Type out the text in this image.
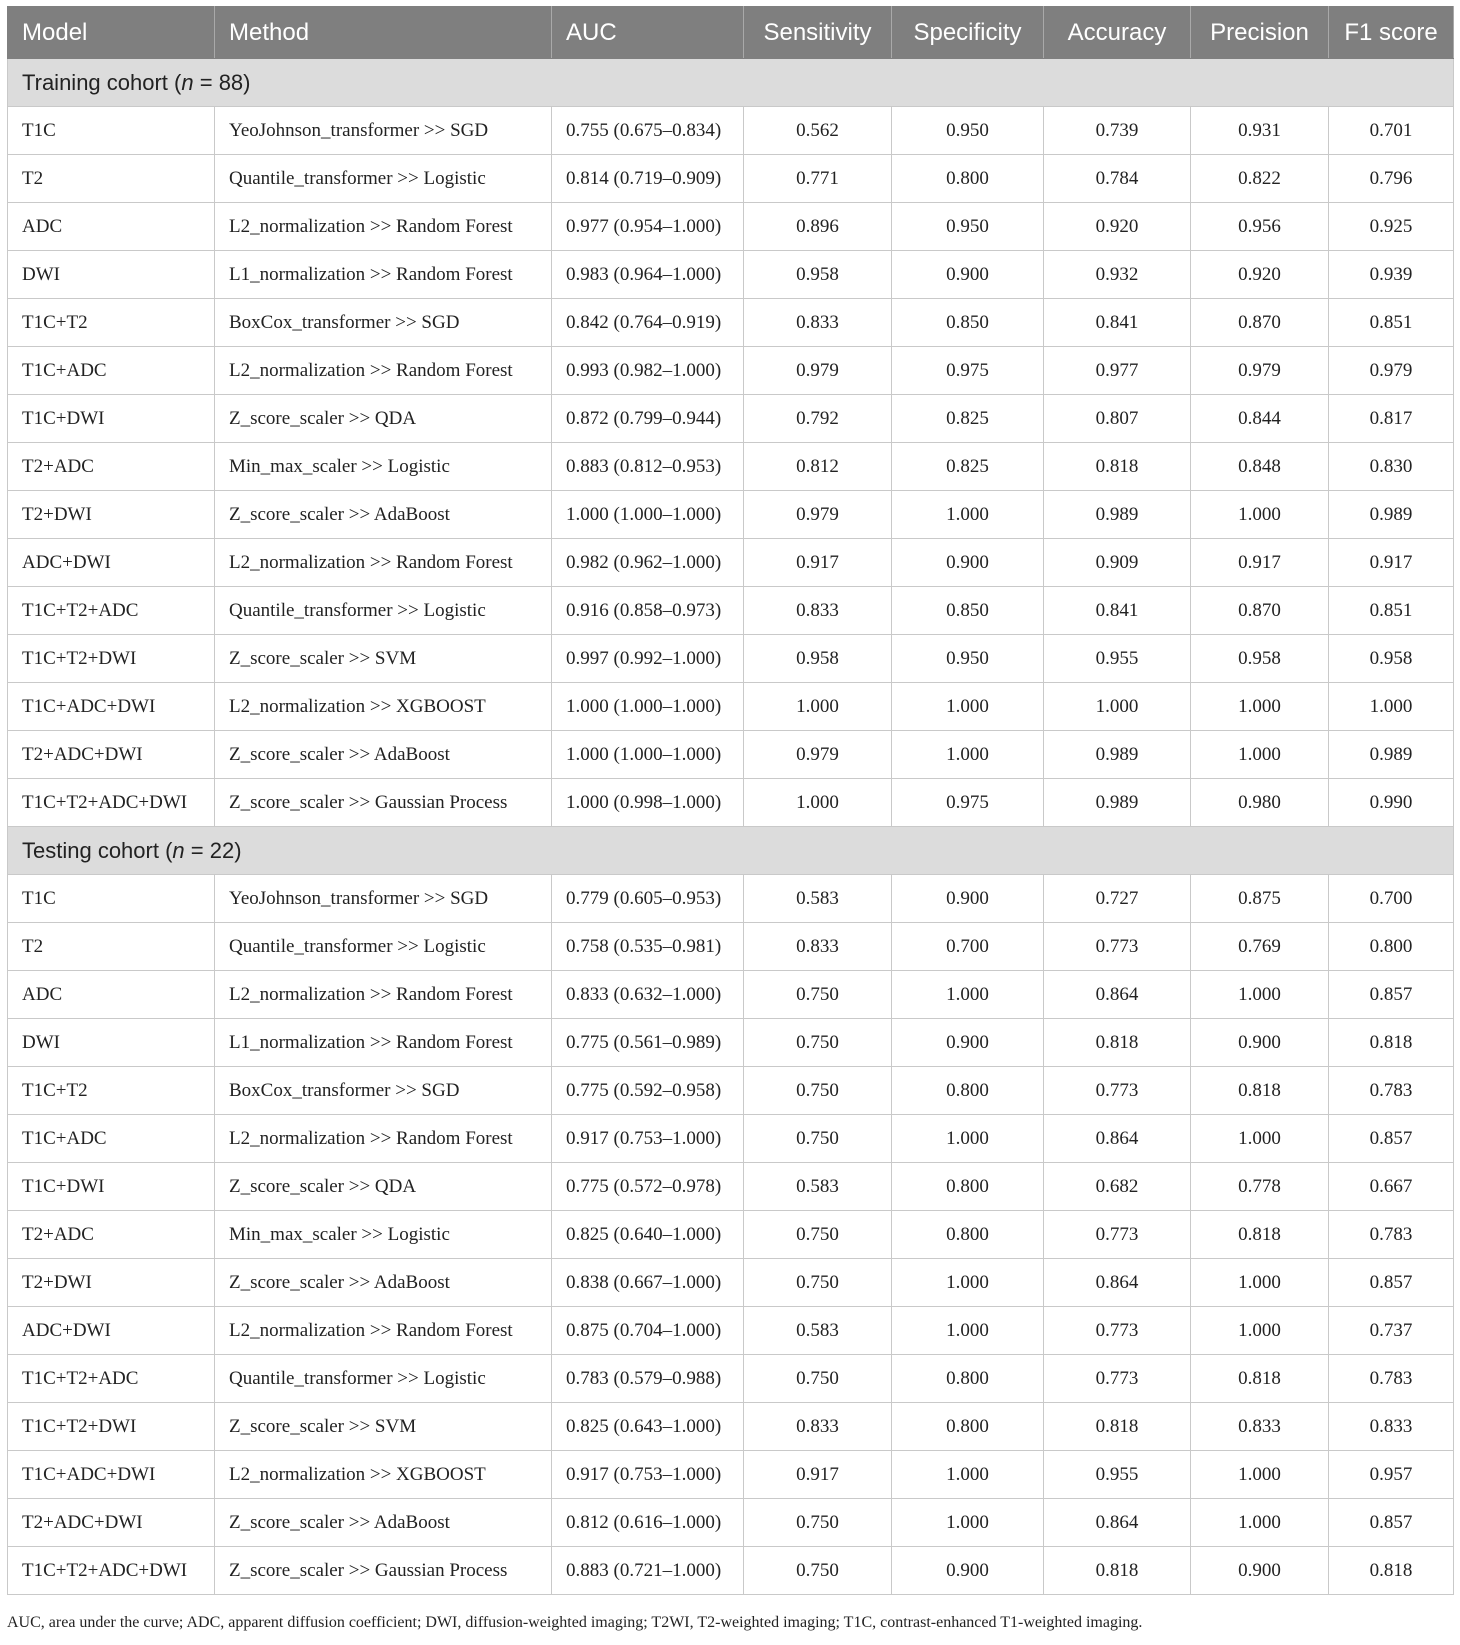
Model	Method	AUC	Sensitivity	Specificity	Accuracy	Precision	F1 score
Training cohort (n = 88)							
T1C	YeoJohnson_transformer >> SGD	0.755 (0.675–0.834)	0.562	0.950	0.739	0.931	0.701
T2	Quantile_transformer >> Logistic	0.814 (0.719–0.909)	0.771	0.800	0.784	0.822	0.796
ADC	L2_normalization >> Random Forest	0.977 (0.954–1.000)	0.896	0.950	0.920	0.956	0.925
DWI	L1_normalization >> Random Forest	0.983 (0.964–1.000)	0.958	0.900	0.932	0.920	0.939
T1C+T2	BoxCox_transformer >> SGD	0.842 (0.764–0.919)	0.833	0.850	0.841	0.870	0.851
T1C+ADC	L2_normalization >> Random Forest	0.993 (0.982–1.000)	0.979	0.975	0.977	0.979	0.979
T1C+DWI	Z_score_scaler >> QDA	0.872 (0.799–0.944)	0.792	0.825	0.807	0.844	0.817
T2+ADC	Min_max_scaler >> Logistic	0.883 (0.812–0.953)	0.812	0.825	0.818	0.848	0.830
T2+DWI	Z_score_scaler >> AdaBoost	1.000 (1.000–1.000)	0.979	1.000	0.989	1.000	0.989
ADC+DWI	L2_normalization >> Random Forest	0.982 (0.962–1.000)	0.917	0.900	0.909	0.917	0.917
T1C+T2+ADC	Quantile_transformer >> Logistic	0.916 (0.858–0.973)	0.833	0.850	0.841	0.870	0.851
T1C+T2+DWI	Z_score_scaler >> SVM	0.997 (0.992–1.000)	0.958	0.950	0.955	0.958	0.958
T1C+ADC+DWI	L2_normalization >> XGBOOST	1.000 (1.000–1.000)	1.000	1.000	1.000	1.000	1.000
T2+ADC+DWI	Z_score_scaler >> AdaBoost	1.000 (1.000–1.000)	0.979	1.000	0.989	1.000	0.989
T1C+T2+ADC+DWI	Z_score_scaler >> Gaussian Process	1.000 (0.998–1.000)	1.000	0.975	0.989	0.980	0.990
Testing cohort (n = 22)							
T1C	YeoJohnson_transformer >> SGD	0.779 (0.605–0.953)	0.583	0.900	0.727	0.875	0.700
T2	Quantile_transformer >> Logistic	0.758 (0.535–0.981)	0.833	0.700	0.773	0.769	0.800
ADC	L2_normalization >> Random Forest	0.833 (0.632–1.000)	0.750	1.000	0.864	1.000	0.857
DWI	L1_normalization >> Random Forest	0.775 (0.561–0.989)	0.750	0.900	0.818	0.900	0.818
T1C+T2	BoxCox_transformer >> SGD	0.775 (0.592–0.958)	0.750	0.800	0.773	0.818	0.783
T1C+ADC	L2_normalization >> Random Forest	0.917 (0.753–1.000)	0.750	1.000	0.864	1.000	0.857
T1C+DWI	Z_score_scaler >> QDA	0.775 (0.572–0.978)	0.583	0.800	0.682	0.778	0.667
T2+ADC	Min_max_scaler >> Logistic	0.825 (0.640–1.000)	0.750	0.800	0.773	0.818	0.783
T2+DWI	Z_score_scaler >> AdaBoost	0.838 (0.667–1.000)	0.750	1.000	0.864	1.000	0.857
ADC+DWI	L2_normalization >> Random Forest	0.875 (0.704–1.000)	0.583	1.000	0.773	1.000	0.737
T1C+T2+ADC	Quantile_transformer >> Logistic	0.783 (0.579–0.988)	0.750	0.800	0.773	0.818	0.783
T1C+T2+DWI	Z_score_scaler >> SVM	0.825 (0.643–1.000)	0.833	0.800	0.818	0.833	0.833
T1C+ADC+DWI	L2_normalization >> XGBOOST	0.917 (0.753–1.000)	0.917	1.000	0.955	1.000	0.957
T2+ADC+DWI	Z_score_scaler >> AdaBoost	0.812 (0.616–1.000)	0.750	1.000	0.864	1.000	0.857
T1C+T2+ADC+DWI	Z_score_scaler >> Gaussian Process	0.883 (0.721–1.000)	0.750	0.900	0.818	0.900	0.818
AUC, area under the curve; ADC, apparent diffusion coefficient; DWI, diffusion-weighted imaging; T2WI, T2-weighted imaging; T1C, contrast-enhanced T1-weighted imaging.
